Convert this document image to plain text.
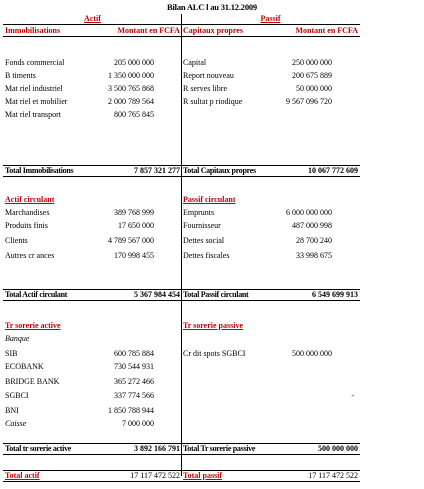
Bilan ALC l au 31.12.2009
Actif
Immobilisations	Montant en FCFA
Fonds commercial	205 000 000
B timents	1 350 000 000
Mat riel industriel	3 500 765 868
Mat riel et mobilier	2 000 789 564
Mat riel transport	800 765 845
Total Immobilisations	7 857 321 277
Actif circulant
Marchandises	389 768 999
Produits finis	17 650 000
Clients	4 789 567 000
Autres cr ances	170 998 455
Total Actif circulant	5 367 984 454
Tr sorerie active
Banque
SIB	600 785 884
ECOBANK	730 544 931
BRIDGE BANK	365 272 466
SGBCI	337 774 566
BNI	1 850 788 944
Caisse	7 000 000
Total tr sorerie active	3 892 166 791
Total actif	17 117 472 522
Passif
Capitaux propres	Montant en FCFA
Capital	250 000 000
Report nouveau	200 675 889
R serves libre	50 000 000
R sultat p riodique	9 567 096 720
Total Capitaux propres	10 067 772 609
Passif circulant
Emprunts	6 000 000 000
Fournisseur	487 000 998
Dettes social	28 700 240
Dettes fiscales	33 998 675
Total Passif circulant	6 549 699 913
Tr sorerie passive
Cr dit spots SGBCI	500 000 000
-
Total Tr sorerie passive	500 000 000
Total passif	17 117 472 522
